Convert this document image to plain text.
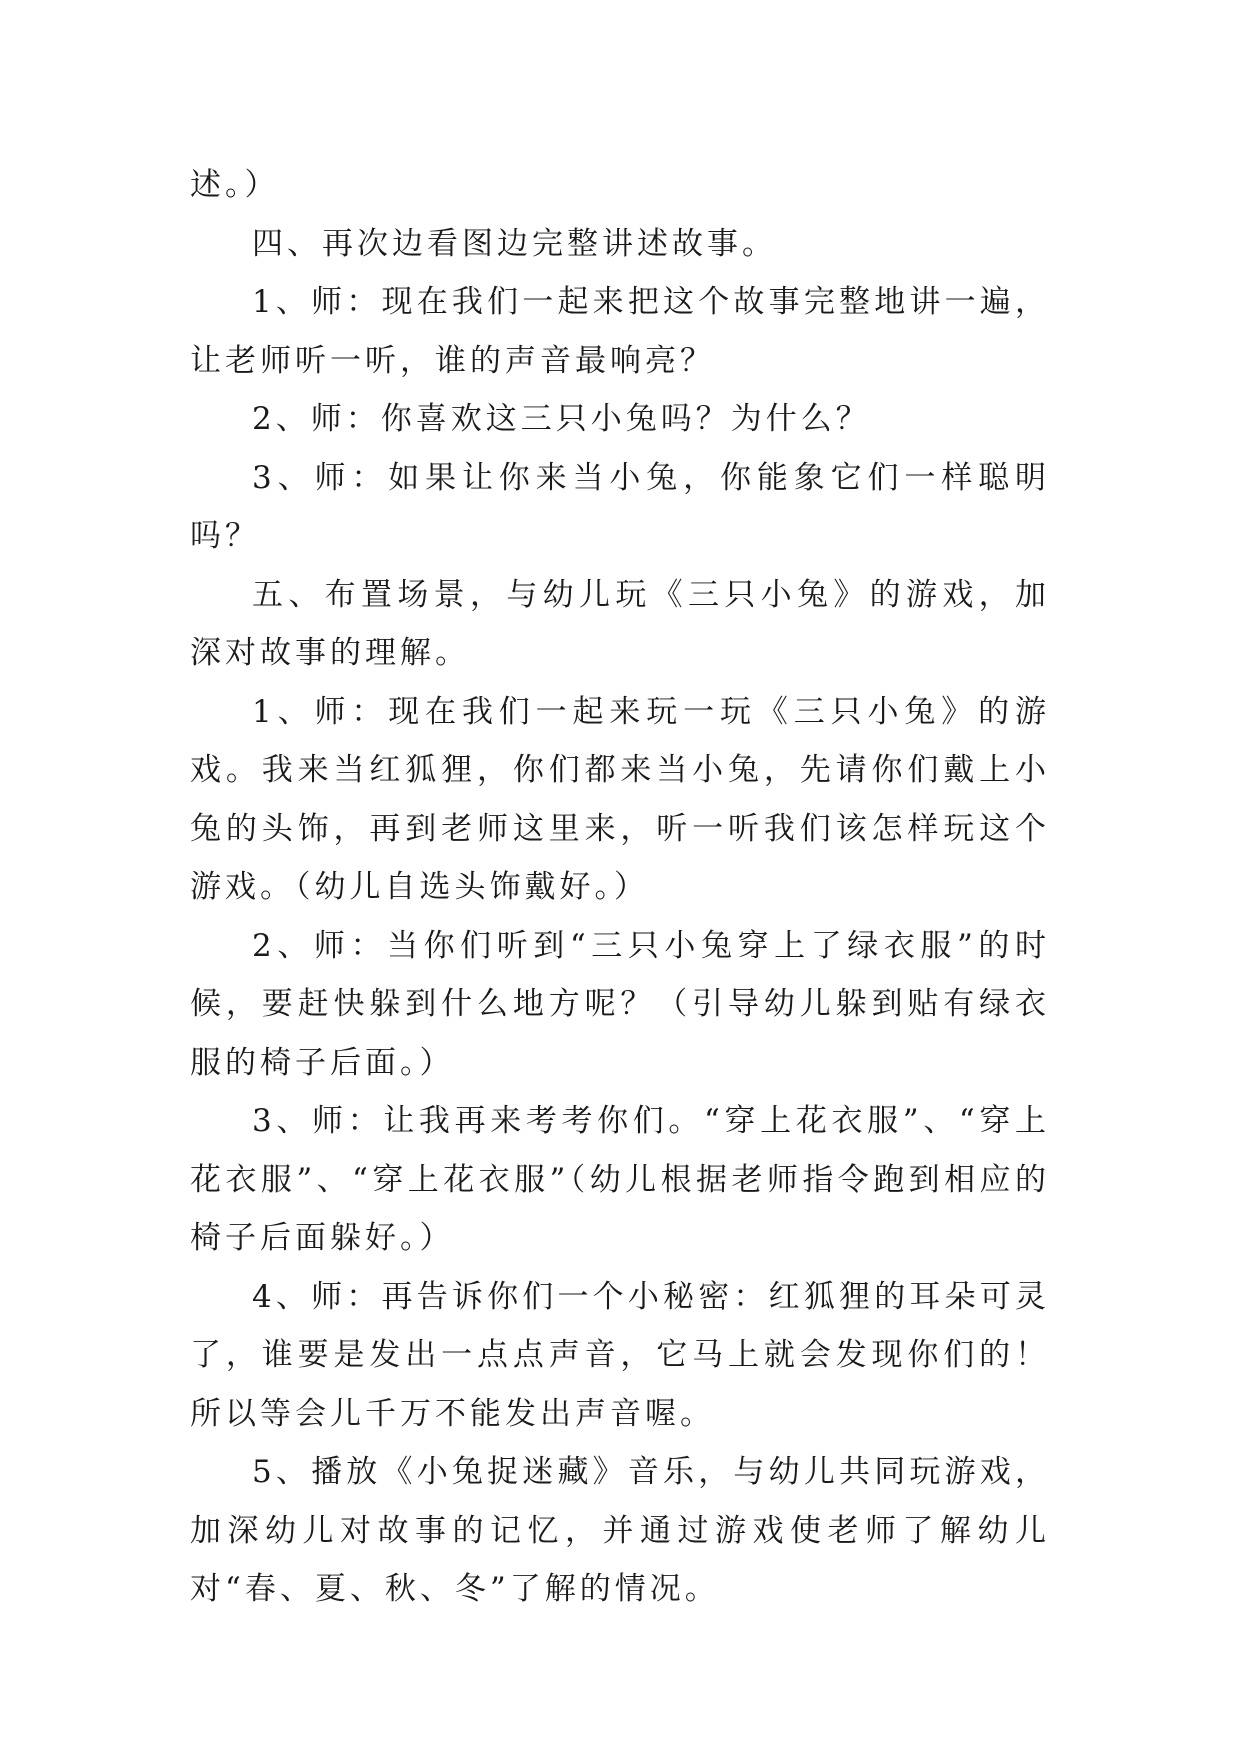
述。）

四、再次边看图边完整讲述故事。

1、师：现在我们一起来把这个故事完整地讲一遍，让老师听一听，谁的声音最响亮？

2、师：你喜欢这三只小兔吗？为什么？

3、师：如果让你来当小兔，你能象它们一样聪明吗？

五、布置场景，与幼儿玩《三只小兔》的游戏，加深对故事的理解。

1、师：现在我们一起来玩一玩《三只小兔》的游戏。我来当红狐狸，你们都来当小兔，先请你们戴上小兔的头饰，再到老师这里来，听一听我们该怎样玩这个游戏。（幼儿自选头饰戴好。）

2、师：当你们听到“三只小兔穿上了绿衣服”的时候，要赶快躲到什么地方呢？（引导幼儿躲到贴有绿衣服的椅子后面。）

3、师：让我再来考考你们。“穿上花衣服”、“穿上花衣服”、“穿上花衣服”（幼儿根据老师指令跑到相应的椅子后面躲好。）

4、师：再告诉你们一个小秘密：红狐狸的耳朵可灵了，谁要是发出一点点声音，它马上就会发现你们的！所以等会儿千万不能发出声音喔。

5、播放《小兔捉迷藏》音乐，与幼儿共同玩游戏，加深幼儿对故事的记忆，并通过游戏使老师了解幼儿对“春、夏、秋、冬”了解的情况。
